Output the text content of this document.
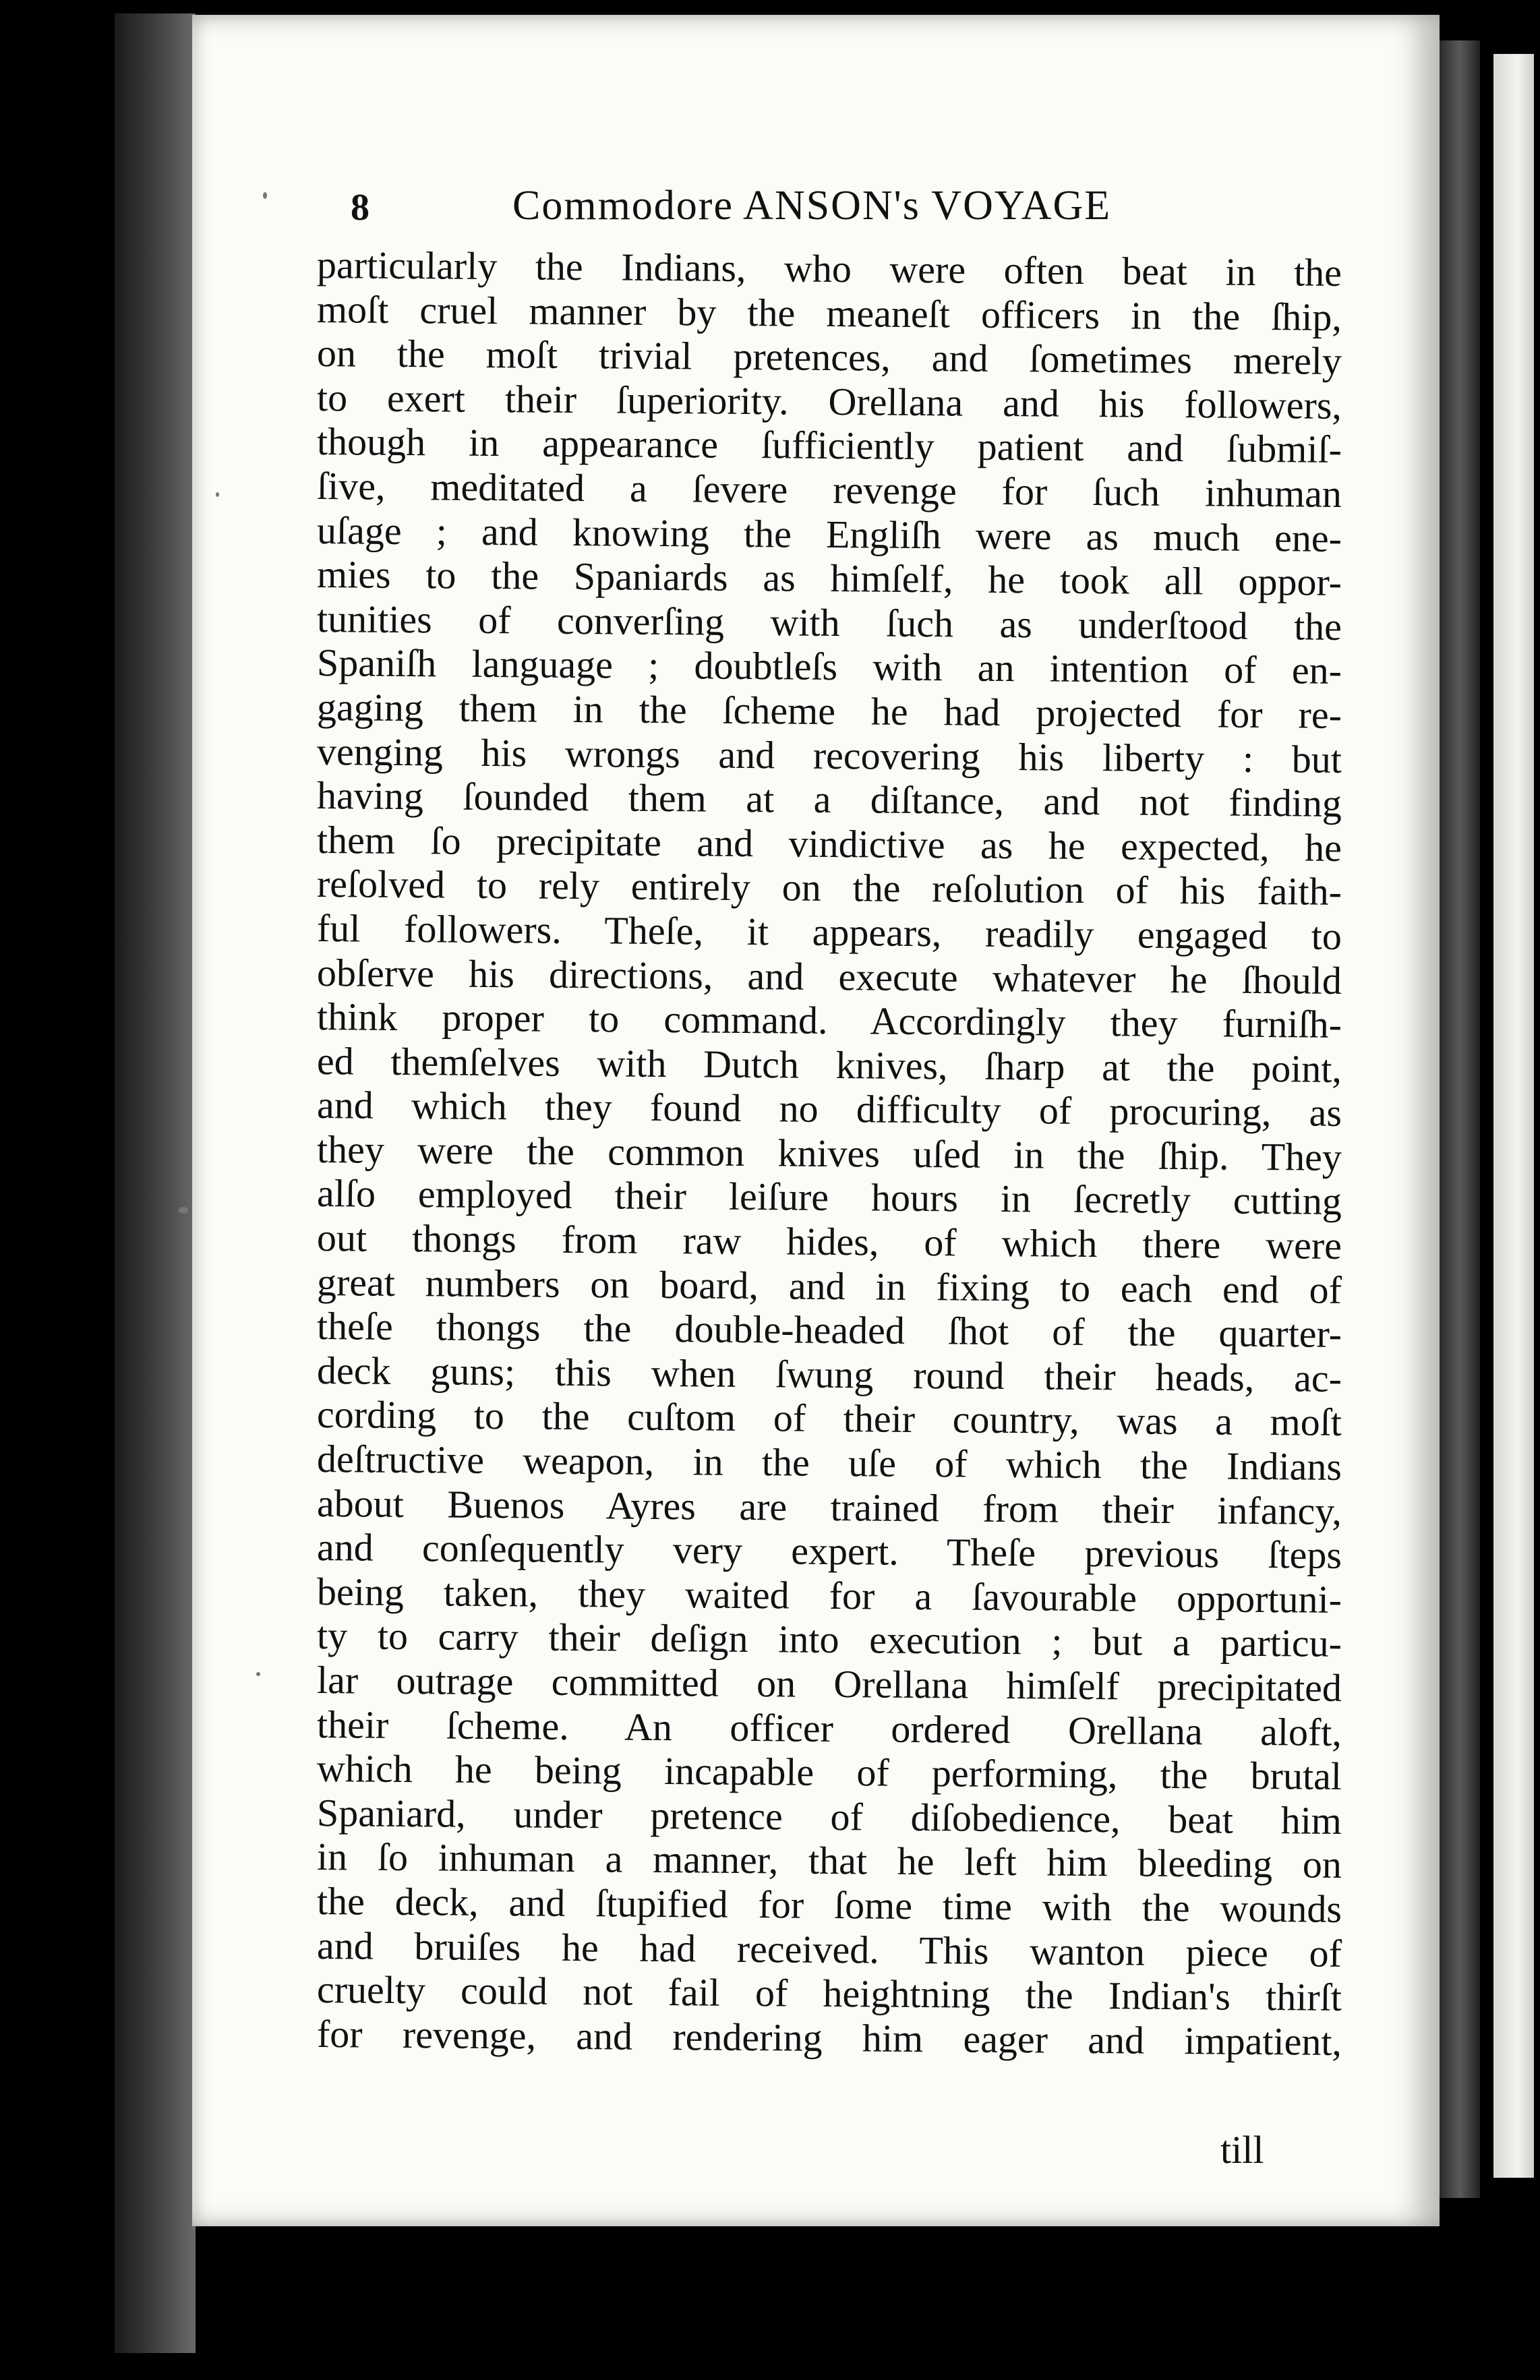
8	Commodore ANSON's VOYAGE
particularly the Indians, who were often beat in the
moſt cruel manner by the meaneſt officers in the ſhip,
on the moſt trivial pretences, and ſometimes merely
to exert their ſuperiority. Orellana and his followers,
though in appearance ſufficiently patient and ſubmiſ-
ſive, meditated a ſevere revenge for ſuch inhuman
uſage ; and knowing the Engliſh were as much ene-
mies to the Spaniards as himſelf, he took all oppor-
tunities of converſing with ſuch as underſtood the
Spaniſh language ; doubtleſs with an intention of en-
gaging them in the ſcheme he had projected for re-
venging his wrongs and recovering his liberty : but
having ſounded them at a diſtance, and not finding
them ſo precipitate and vindictive as he expected, he
reſolved to rely entirely on the reſolution of his faith-
ful followers. Theſe, it appears, readily engaged to
obſerve his directions, and execute whatever he ſhould
think proper to command. Accordingly they furniſh-
ed themſelves with Dutch knives, ſharp at the point,
and which they found no difficulty of procuring, as
they were the common knives uſed in the ſhip. They
alſo employed their leiſure hours in ſecretly cutting
out thongs from raw hides, of which there were
great numbers on board, and in fixing to each end of
theſe thongs the double-headed ſhot of the quarter-
deck guns; this when ſwung round their heads, ac-
cording to the cuſtom of their country, was a moſt
deſtructive weapon, in the uſe of which the Indians
about Buenos Ayres are trained from their infancy,
and conſequently very expert. Theſe previous ſteps
being taken, they waited for a ſavourable opportuni-
ty to carry their deſign into execution ; but a particu-
lar outrage committed on Orellana himſelf precipitated
their ſcheme. An officer ordered Orellana aloft,
which he being incapable of performing, the brutal
Spaniard, under pretence of diſobedience, beat him
in ſo inhuman a manner, that he left him bleeding on
the deck, and ſtupified for ſome time with the wounds
and bruiſes he had received. This wanton piece of
cruelty could not fail of heightning the Indian's thirſt
for revenge, and rendering him eager and impatient,
till
